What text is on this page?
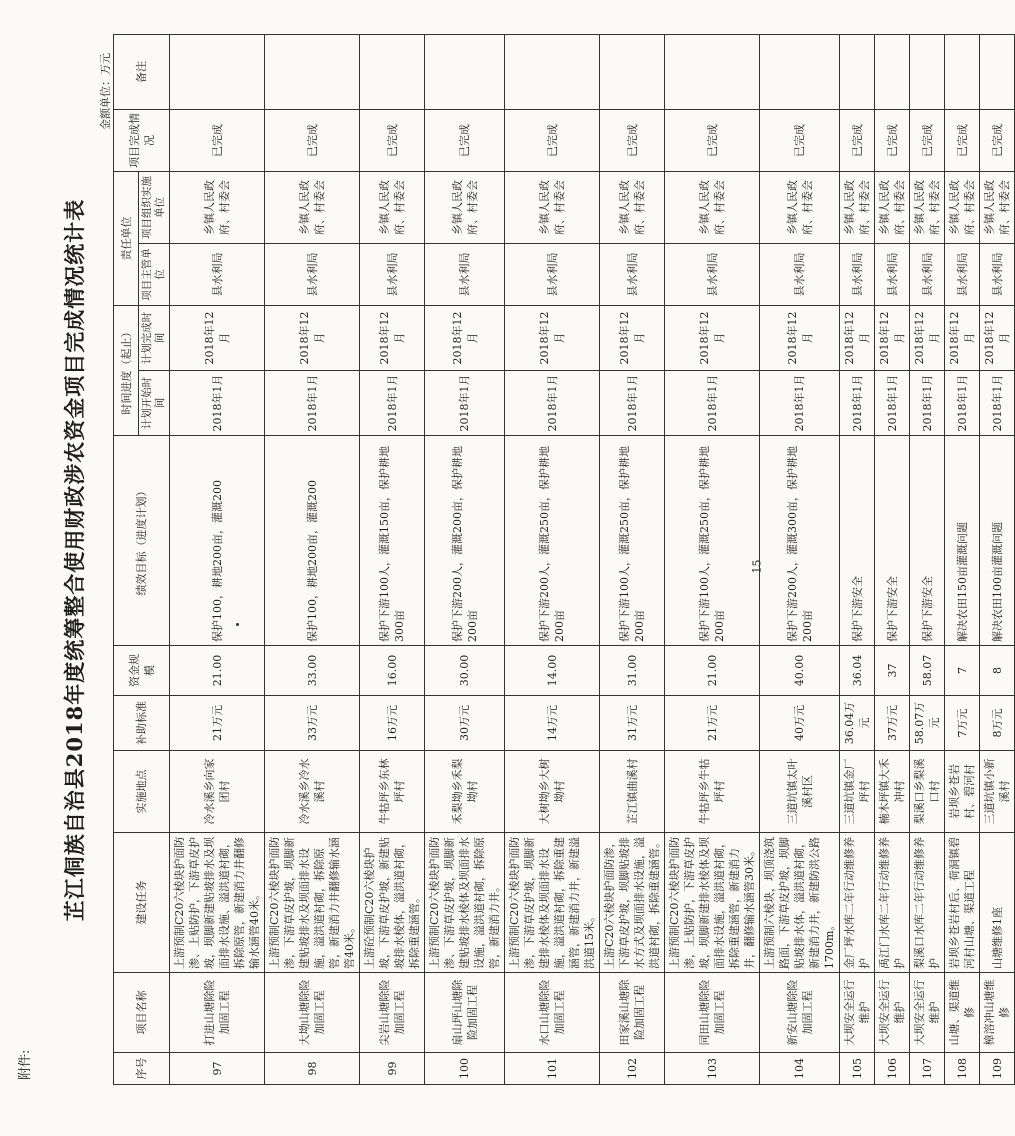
附件:
15
芷江侗族自治县2018年度统筹整合使用财政涉农资金项目完成情况统计表
金额单位：万元
序号	项目名称	建设任务	实施地点	补助标准	资金规模	绩效目标（进度计划）	时间进度（起止）		责任单位		项目完成情况	备注
							计划开始时间	计划完成时间	项目主管单位	项目组织实施单位		
97	打进山塘除险加固工程	上游预制C20六棱块护面防渗、上贴防护，下游草皮护坡，坝脚新建贴坡排水及坝面排水设施、溢洪道衬砌，拆除原管，新建消力井翻修输水涵管40米。	冷水溪乡向家团村	21万元	21.00	保护100，耕地200亩，灌溉200	2018年1月	2018年12月	县水利局	乡镇人民政府、村委会	已完成	
98	大坳山塘除险加固工程	上游预制C20六棱块护面防渗，下游草皮护坡，坝脚新建贴坡排水及坝面排水设施，溢洪道衬砌，拆除原管，新建消力井翻修输水涵管40米。	冷水溪乡冷水溪村	33万元	33.00	保护100，耕地200亩，灌溉200	2018年1月	2018年12月	县水利局	乡镇人民政府、村委会	已完成	
99	尖岩山塘除险加固工程	上游砼预制C20六棱块护坡，下游草皮护坡，新建贴坡排水棱体，溢洪道衬砌，拆除重建涵管。	牛牯坪乡东林坪村	16万元	16.00	保护下游100人，灌溉150亩，保护耕地300亩	2018年1月	2018年12月	县水利局	乡镇人民政府、村委会	已完成	
100	扇山坪山塘除险加固工程	上游预制C20六棱块护面防渗、下游草皮护坡，坝脚新建贴坡排水棱体及坝面排水设施，溢洪道衬砌，拆除原管，新建消力井。	禾梨坳乡禾梨坳村	30万元	30.00	保护下游200人，灌溉200亩，保护耕地200亩	2018年1月	2018年12月	县水利局	乡镇人民政府、村委会	已完成	
101	水口山塘除险加固工程	上游预制C20六棱块护面防渗，下游草皮护坡，坝脚新建排水棱体及坝面排水设施，溢洪道衬砌，拆除重建涵管，新建消力井，新建溢洪道15米。	大树坳乡大树坳村	14万元	14.00	保护下游200人，灌溉250亩，保护耕地200亩	2018年1月	2018年12月	县水利局	乡镇人民政府、村委会	已完成	
102	田家溪山塘除险加固工程	上游C20六棱块护面防渗，下游草皮护坡，坝脚贴坡排水方式及坝面排水设施，溢洪道衬砌，拆除重建涵管。	芷江镇曲溪村	31万元	31.00	保护下游100人，灌溉250亩，保护耕地200亩	2018年1月	2018年12月	县水利局	乡镇人民政府、村委会	已完成	
103	同田山塘除险加固工程	上游预制C20六棱块护面防渗，上贴防护，下游草皮护坡，坝脚新建排水棱体及坝面排水设施，溢洪道衬砌，拆除重建涵管，新建消力井，翻修输水涵管30米。	牛牯坪乡牛牯坪村	21万元	21.00	保护下游100人，灌溉250亩，保护耕地200亩	2018年1月	2018年12月	县水利局	乡镇人民政府、村委会	已完成	
104	新安山塘除险加固工程	上游预制六棱块，坝顶浇筑路面，下游草皮护坡，坝脚贴坡排水体，溢洪道衬砌，新建消力井，新建防洪公路1700m。	三道坑镇太叶溪村区	40万元	40.00	保护下游200人，灌溉300亩，保护耕地200亩	2018年1月	2018年12月	县水利局	乡镇人民政府、村委会	已完成	
105	大坝安全运行维护	金厂坪水库二年行动维修养护	三道坑镇金厂坪村	36.04万元	36.04	保护下游安全	2018年1月	2018年12月	县水利局	乡镇人民政府、村委会	已完成	
106	大坝安全运行维护	禹江门水库二年行动维修养护	楠木坪镇大禾冲村	37万元	37	保护下游安全	2018年1月	2018年12月	县水利局	乡镇人民政府、村委会	已完成	
107	大坝安全运行维护	梨溪口水库二年行动维修养护	梨溪口乡梨溪口村	58.07万元	58.07	保护下游安全	2018年1月	2018年12月	县水利局	乡镇人民政府、村委会	已完成	
108	山塘、渠道维修	岩坝乡苍岩村后、荷洞镇碧河村山塘、渠道工程	岩坝乡苍岩村、碧河村	7万元	7	解决农田150亩灌溉问题	2018年1月	2018年12月	县水利局	乡镇人民政府、村委会	已完成	
109	樟溶冲山塘维修	山塘维修1座	三道坑镇小新溪村	8万元	8	解决农田100亩灌溉问题	2018年1月	2018年12月	县水利局	乡镇人民政府、村委会	已完成	
